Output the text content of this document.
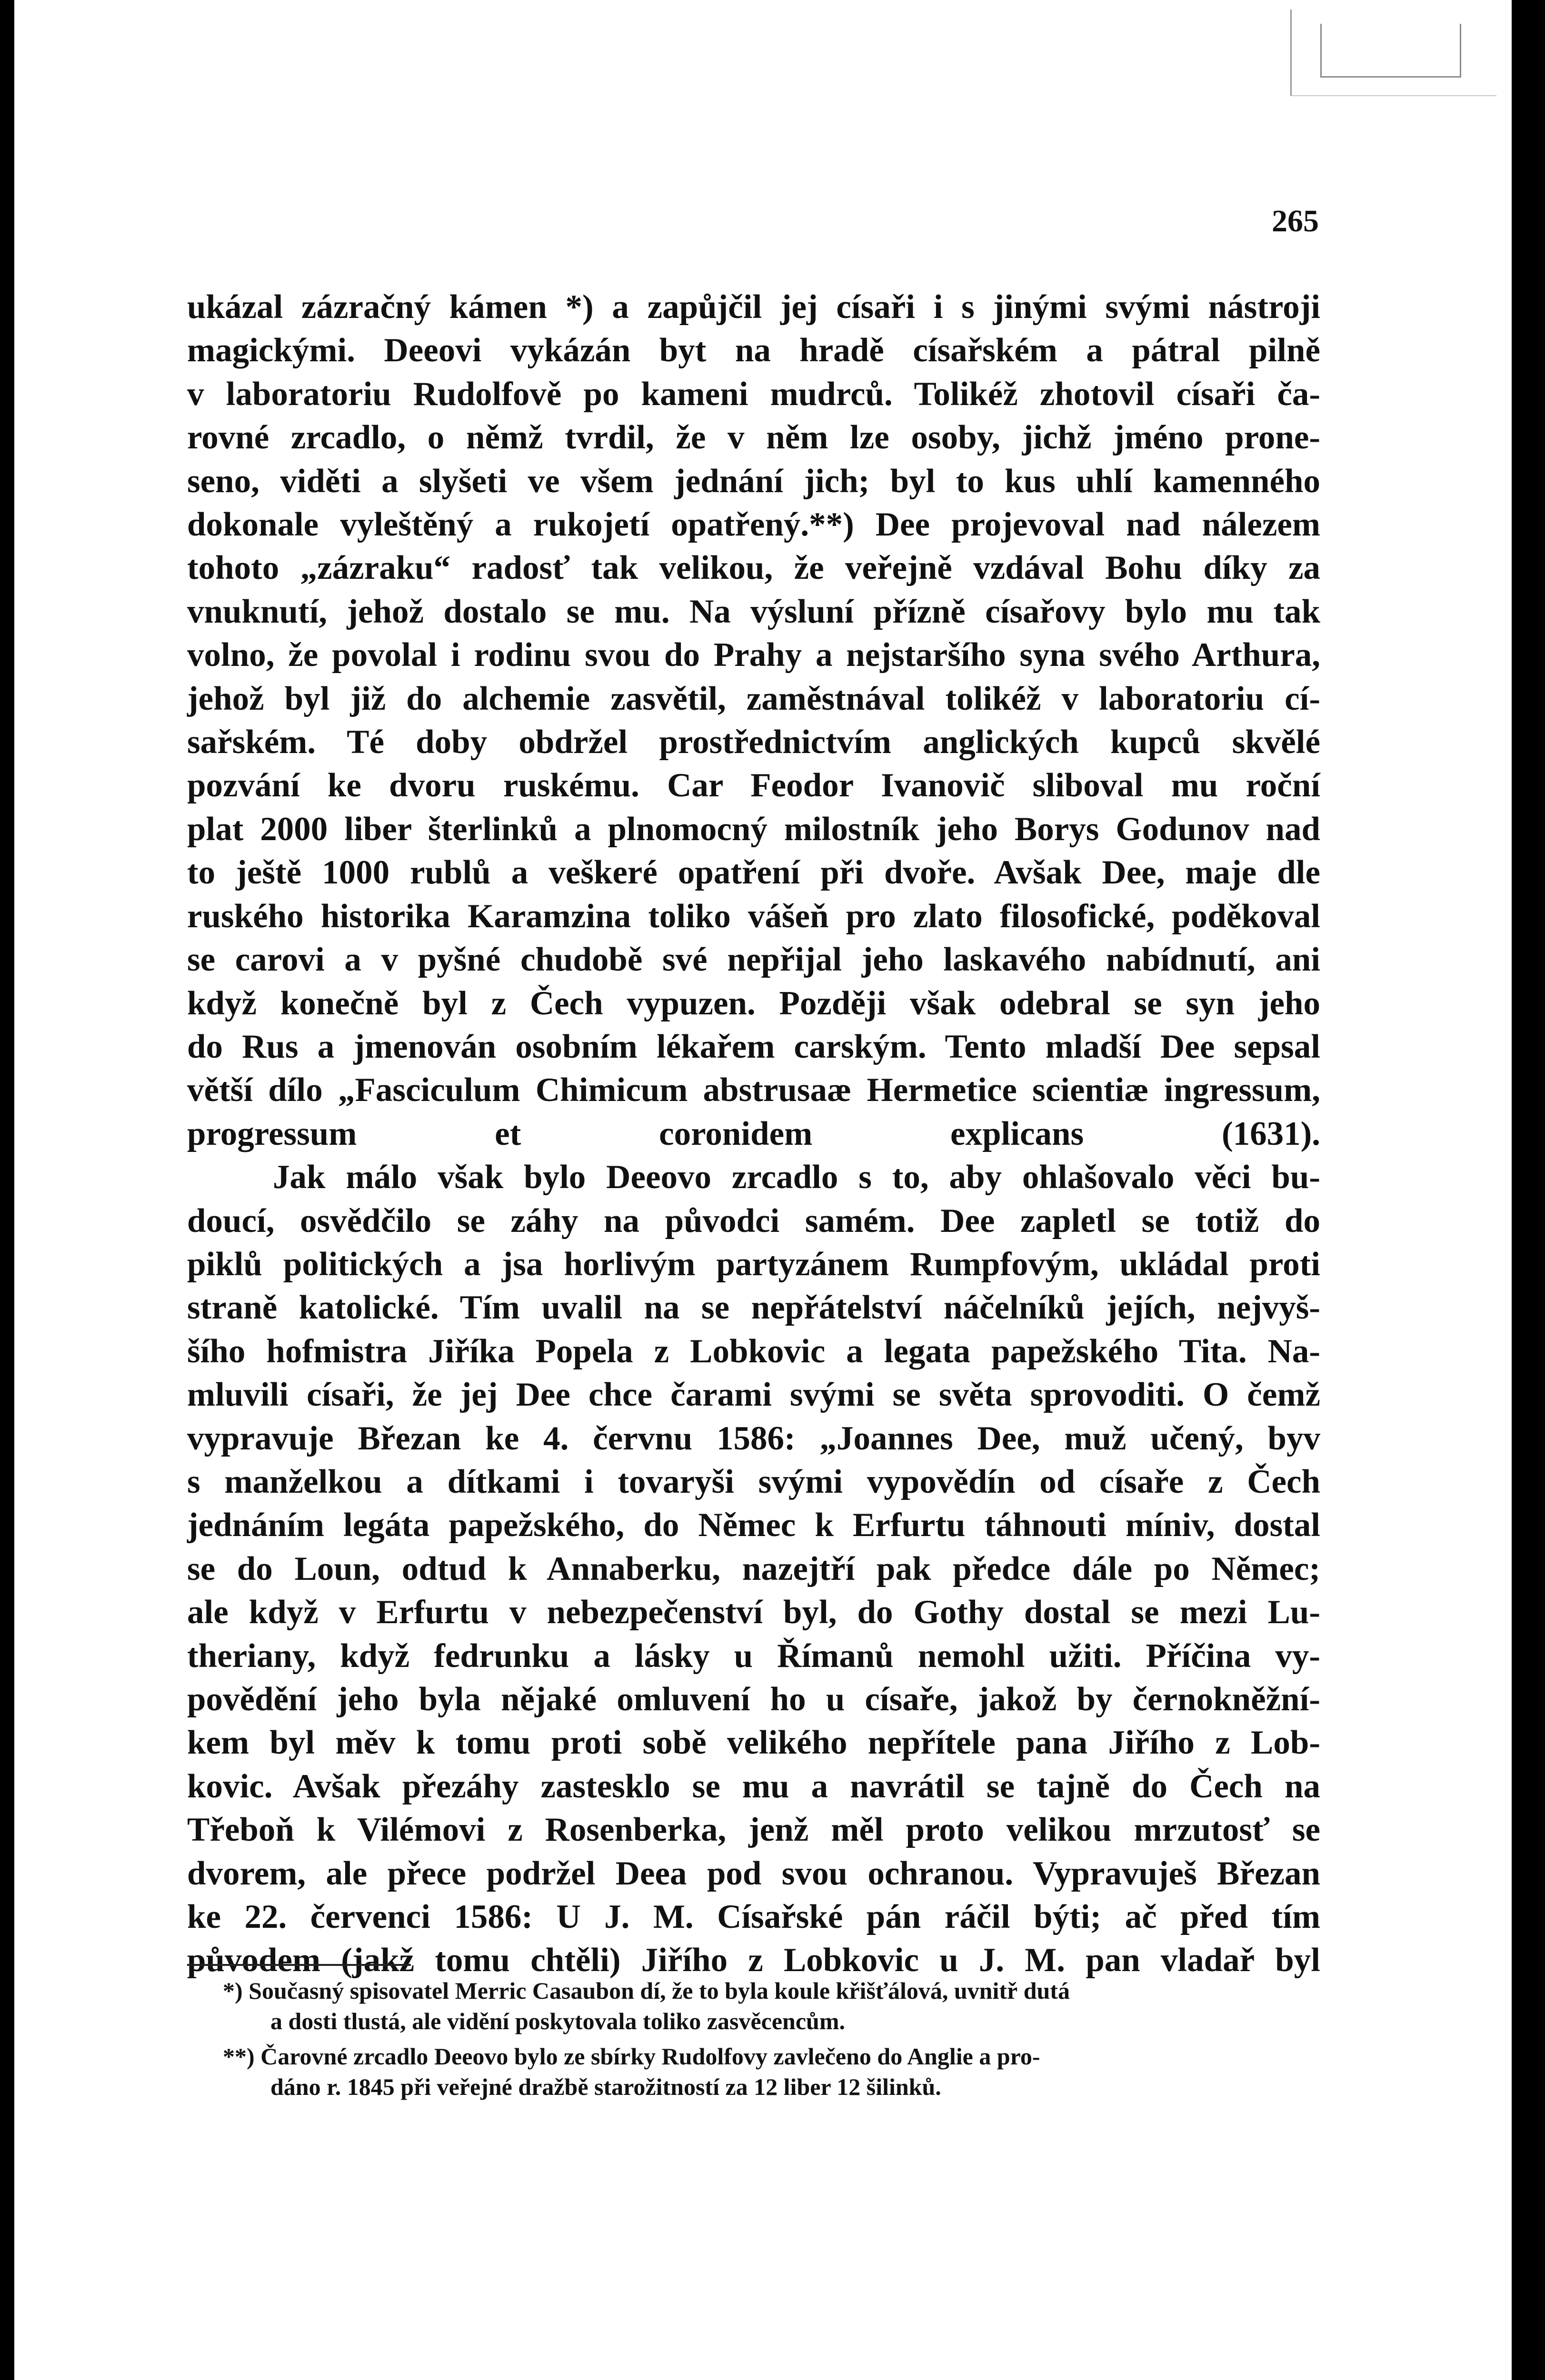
265

ukázal zázračný kámen *) a zapůjčil jej císaři i s jinými svými nástroji
magickými. Deeovi vykázán byt na hradě císařském a pátral pilně
v laboratoriu Rudolfově po kameni mudrců. Tolikéž zhotovil císaři ča-
rovné zrcadlo, o němž tvrdil, že v něm lze osoby, jichž jméno prone-
seno, viděti a slyšeti ve všem jednání jich; byl to kus uhlí kamenného
dokonale vyleštěný a rukojetí opatřený.**) Dee projevoval nad nálezem
tohoto „zázraku“ radosť tak velikou, že veřejně vzdával Bohu díky za
vnuknutí, jehož dostalo se mu. Na výsluní přízně císařovy bylo mu tak
volno, že povolal i rodinu svou do Prahy a nejstaršího syna svého Arthura,
jehož byl již do alchemie zasvětil, zaměstnával tolikéž v laboratoriu cí-
sařském. Té doby obdržel prostřednictvím anglických kupců skvělé
pozvání ke dvoru ruskému. Car Feodor Ivanovič sliboval mu roční
plat 2000 liber šterlinků a plnomocný milostník jeho Borys Godunov nad
to ještě 1000 rublů a veškeré opatření při dvoře. Avšak Dee, maje dle
ruského historika Karamzina toliko vášeň pro zlato filosofické, poděkoval
se carovi a v pyšné chudobě své nepřijal jeho laskavého nabídnutí, ani
když konečně byl z Čech vypuzen. Později však odebral se syn jeho
do Rus a jmenován osobním lékařem carským. Tento mladší Dee sepsal
větší dílo „Fasciculum Chimicum abstrusaæ Hermetice scientiæ ingressum,
progressum et coronidem explicans (1631).

Jak málo však bylo Deeovo zrcadlo s to, aby ohlašovalo věci bu-
doucí, osvědčilo se záhy na původci samém. Dee zapletl se totiž do
piklů politických a jsa horlivým partyzánem Rumpfovým, ukládal proti
straně katolické. Tím uvalil na se nepřátelství náčelníků jejích, nejvyš-
šího hofmistra Jiříka Popela z Lobkovic a legata papežského Tita. Na-
mluvili císaři, že jej Dee chce čarami svými se světa sprovoditi. O čemž
vypravuje Březan ke 4. červnu 1586: „Joannes Dee, muž učený, byv
s manželkou a dítkami i tovaryši svými vypovědín od císaře z Čech
jednáním legáta papežského, do Němec k Erfurtu táhnouti míniv, dostal
se do Loun, odtud k Annaberku, nazejtří pak předce dále po Němec;
ale když v Erfurtu v nebezpečenství byl, do Gothy dostal se mezi Lu-
theriany, když fedrunku a lásky u Římanů nemohl užiti. Příčina vy-
povědění jeho byla nějaké omluvení ho u císaře, jakož by černokněžní-
kem byl měv k tomu proti sobě velikého nepřítele pana Jiřího z Lob-
kovic. Avšak přezáhy zastesklo se mu a navrátil se tajně do Čech na
Třeboň k Vilémovi z Rosenberka, jenž měl proto velikou mrzutosť se
dvorem, ale přece podržel Deea pod svou ochranou. Vypravuješ Březan
ke 22. červenci 1586: U J. M. Císařské pán ráčil býti; ač před tím
původem (jakž tomu chtěli) Jiřího z Lobkovic u J. M. pan vladař byl

*) Současný spisovatel Merric Casaubon dí, že to byla koule křišťálová, uvnitř dutá
a dosti tlustá, ale vidění poskytovala toliko zasvěcencům.

**) Čarovné zrcadlo Deeovo bylo ze sbírky Rudolfovy zavlečeno do Anglie a pro-
dáno r. 1845 při veřejné dražbě starožitností za 12 liber 12 šilinků.
